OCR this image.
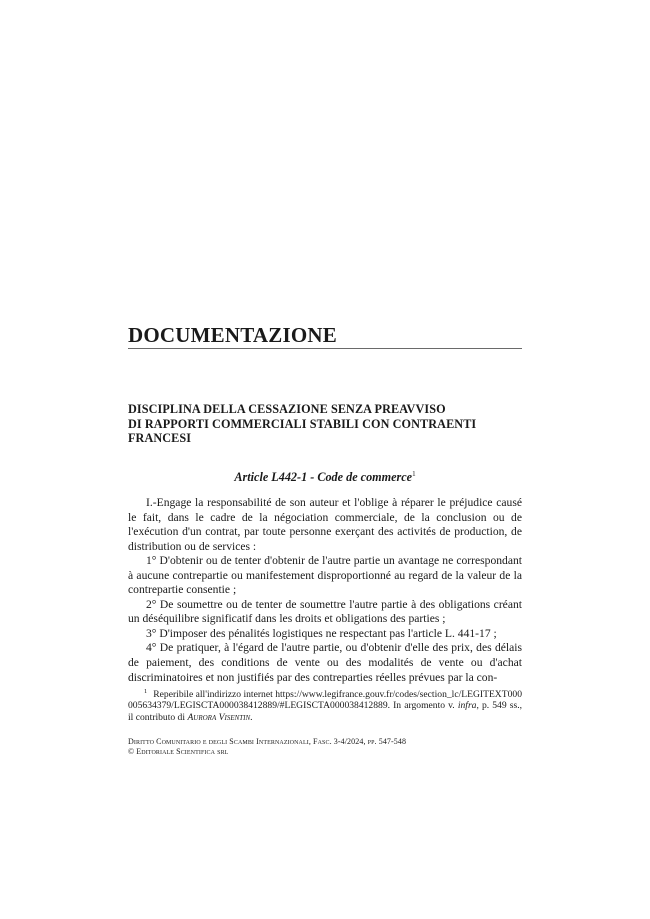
DOCUMENTAZIONE
DISCIPLINA DELLA CESSAZIONE SENZA PREAVVISO
DI RAPPORTI COMMERCIALI STABILI CON CONTRAENTI
FRANCESI
Article L442-1 - Code de commerce$^1$

I.-Engage la responsabilité de son auteur et l'oblige à réparer le préjudice causé le fait, dans le cadre de la négociation commerciale, de la conclusion ou de l'exécution d'un contrat, par toute personne exerçant des activités de production, de distribution ou de services :

1° D'obtenir ou de tenter d'obtenir de l'autre partie un avantage ne correspondant à aucune contrepartie ou manifestement disproportionné au regard de la valeur de la contrepartie consentie ;

2° De soumettre ou de tenter de soumettre l'autre partie à des obligations créant un déséquilibre significatif dans les droits et obligations des parties ;

3° D'imposer des pénalités logistiques ne respectant pas l'article L. 441-17 ;

4° De pratiquer, à l'égard de l'autre partie, ou d'obtenir d'elle des prix, des délais de paiement, des conditions de vente ou des modalités de vente ou d'achat discriminatoires et non justifiés par des contreparties réelles prévues par la con-

$^1$ Reperibile all'indirizzo internet https://www.legifrance.gouv.fr/codes/section_lc/LEGITEXT000005634379/LEGISCTA000038412889/#LEGISCTA000038412889. In argomento v. infra, p. 549 ss., il contributo di Aurora Visentin.
Diritto Comunitario e degli Scambi Internazionali, Fasc. 3-4/2024, pp. 547-548
© Editoriale Scientifica srl
